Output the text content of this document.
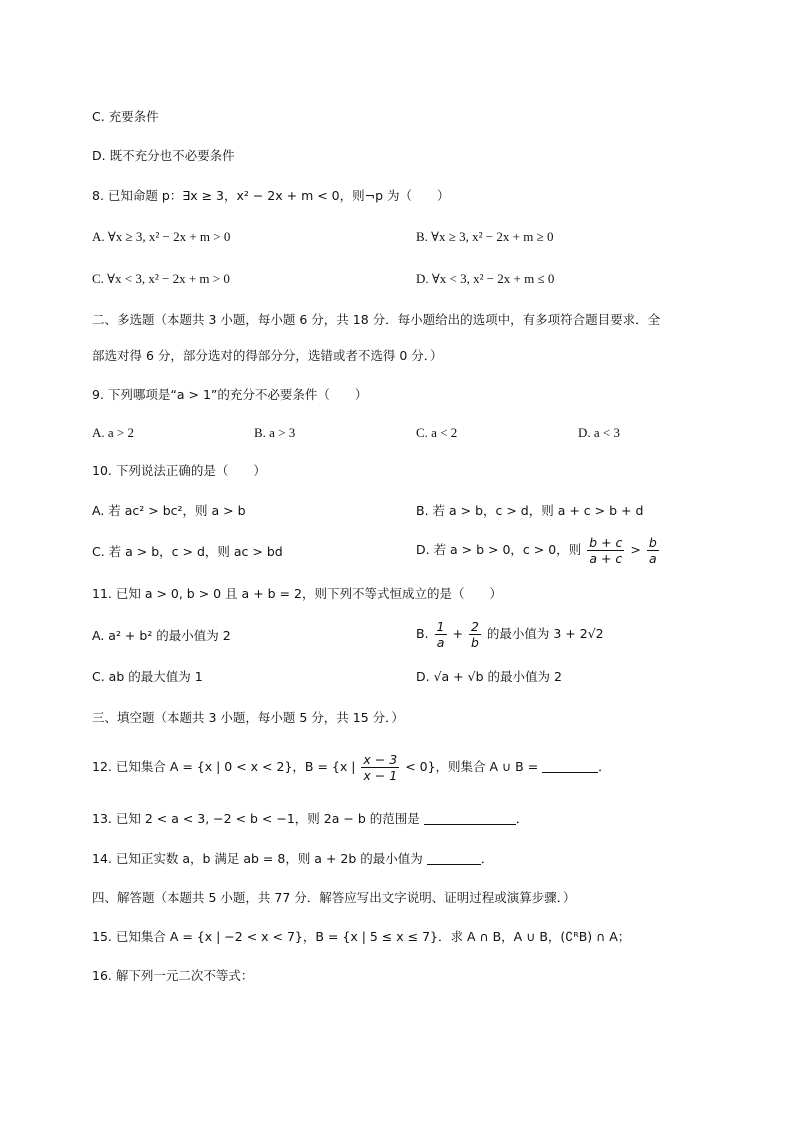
C. 充要条件
D. 既不充分也不必要条件
8. 已知命题 p：∃x ≥ 3，x² − 2x + m < 0，则¬p 为（　　）
A. ∀x ≥ 3, x² − 2x + m > 0	B. ∀x ≥ 3, x² − 2x + m ≥ 0
C. ∀x < 3, x² − 2x + m > 0	D. ∀x < 3, x² − 2x + m ≤ 0
二、多选题（本题共 3 小题，每小题 6 分，共 18 分．每小题给出的选项中，有多项符合题目要求．全
部选对得 6 分，部分选对的得部分分，选错或者不选得 0 分．）
9. 下列哪项是“a > 1”的充分不必要条件（　　）
A. a > 2	B. a > 3	C. a < 2	D. a < 3
10. 下列说法正确的是（　　）
A. 若 ac² > bc²，则 a > b	B. 若 a > b，c > d，则 a + c > b + d
C. 若 a > b，c > d，则 ac > bd	D. 若 a > b > 0，c > 0，则 $\frac{b + c}{a + c} > \frac{b}{a}$
11. 已知 a > 0, b > 0 且 a + b = 2，则下列不等式恒成立的是（　　）
A. a² + b² 的最小值为 2	B. $\frac{1}{a} + \frac{2}{b}$ 的最小值为 3 + 2√2
C. ab 的最大值为 1	D. √a + √b 的最小值为 2
三、填空题（本题共 3 小题，每小题 5 分，共 15 分．）
12. 已知集合 A = {x | 0 < x < 2}，B = {x | $\frac{x - 3}{x - 1} < 0$}，则集合 A ∪ B =	．
13. 已知 2 < a < 3, −2 < b < −1，则 2a − b 的范围是	．
14. 已知正实数 a，b 满足 ab = 8，则 a + 2b 的最小值为	．
四、解答题（本题共 5 小题，共 77 分．解答应写出文字说明、证明过程或演算步骤．）
15. 已知集合 A = {x | −2 < x < 7}，B = {x | 5 ≤ x ≤ 7}．求 A ∩ B，A ∪ B，(∁ᴿB) ∩ A；
16. 解下列一元二次不等式：
